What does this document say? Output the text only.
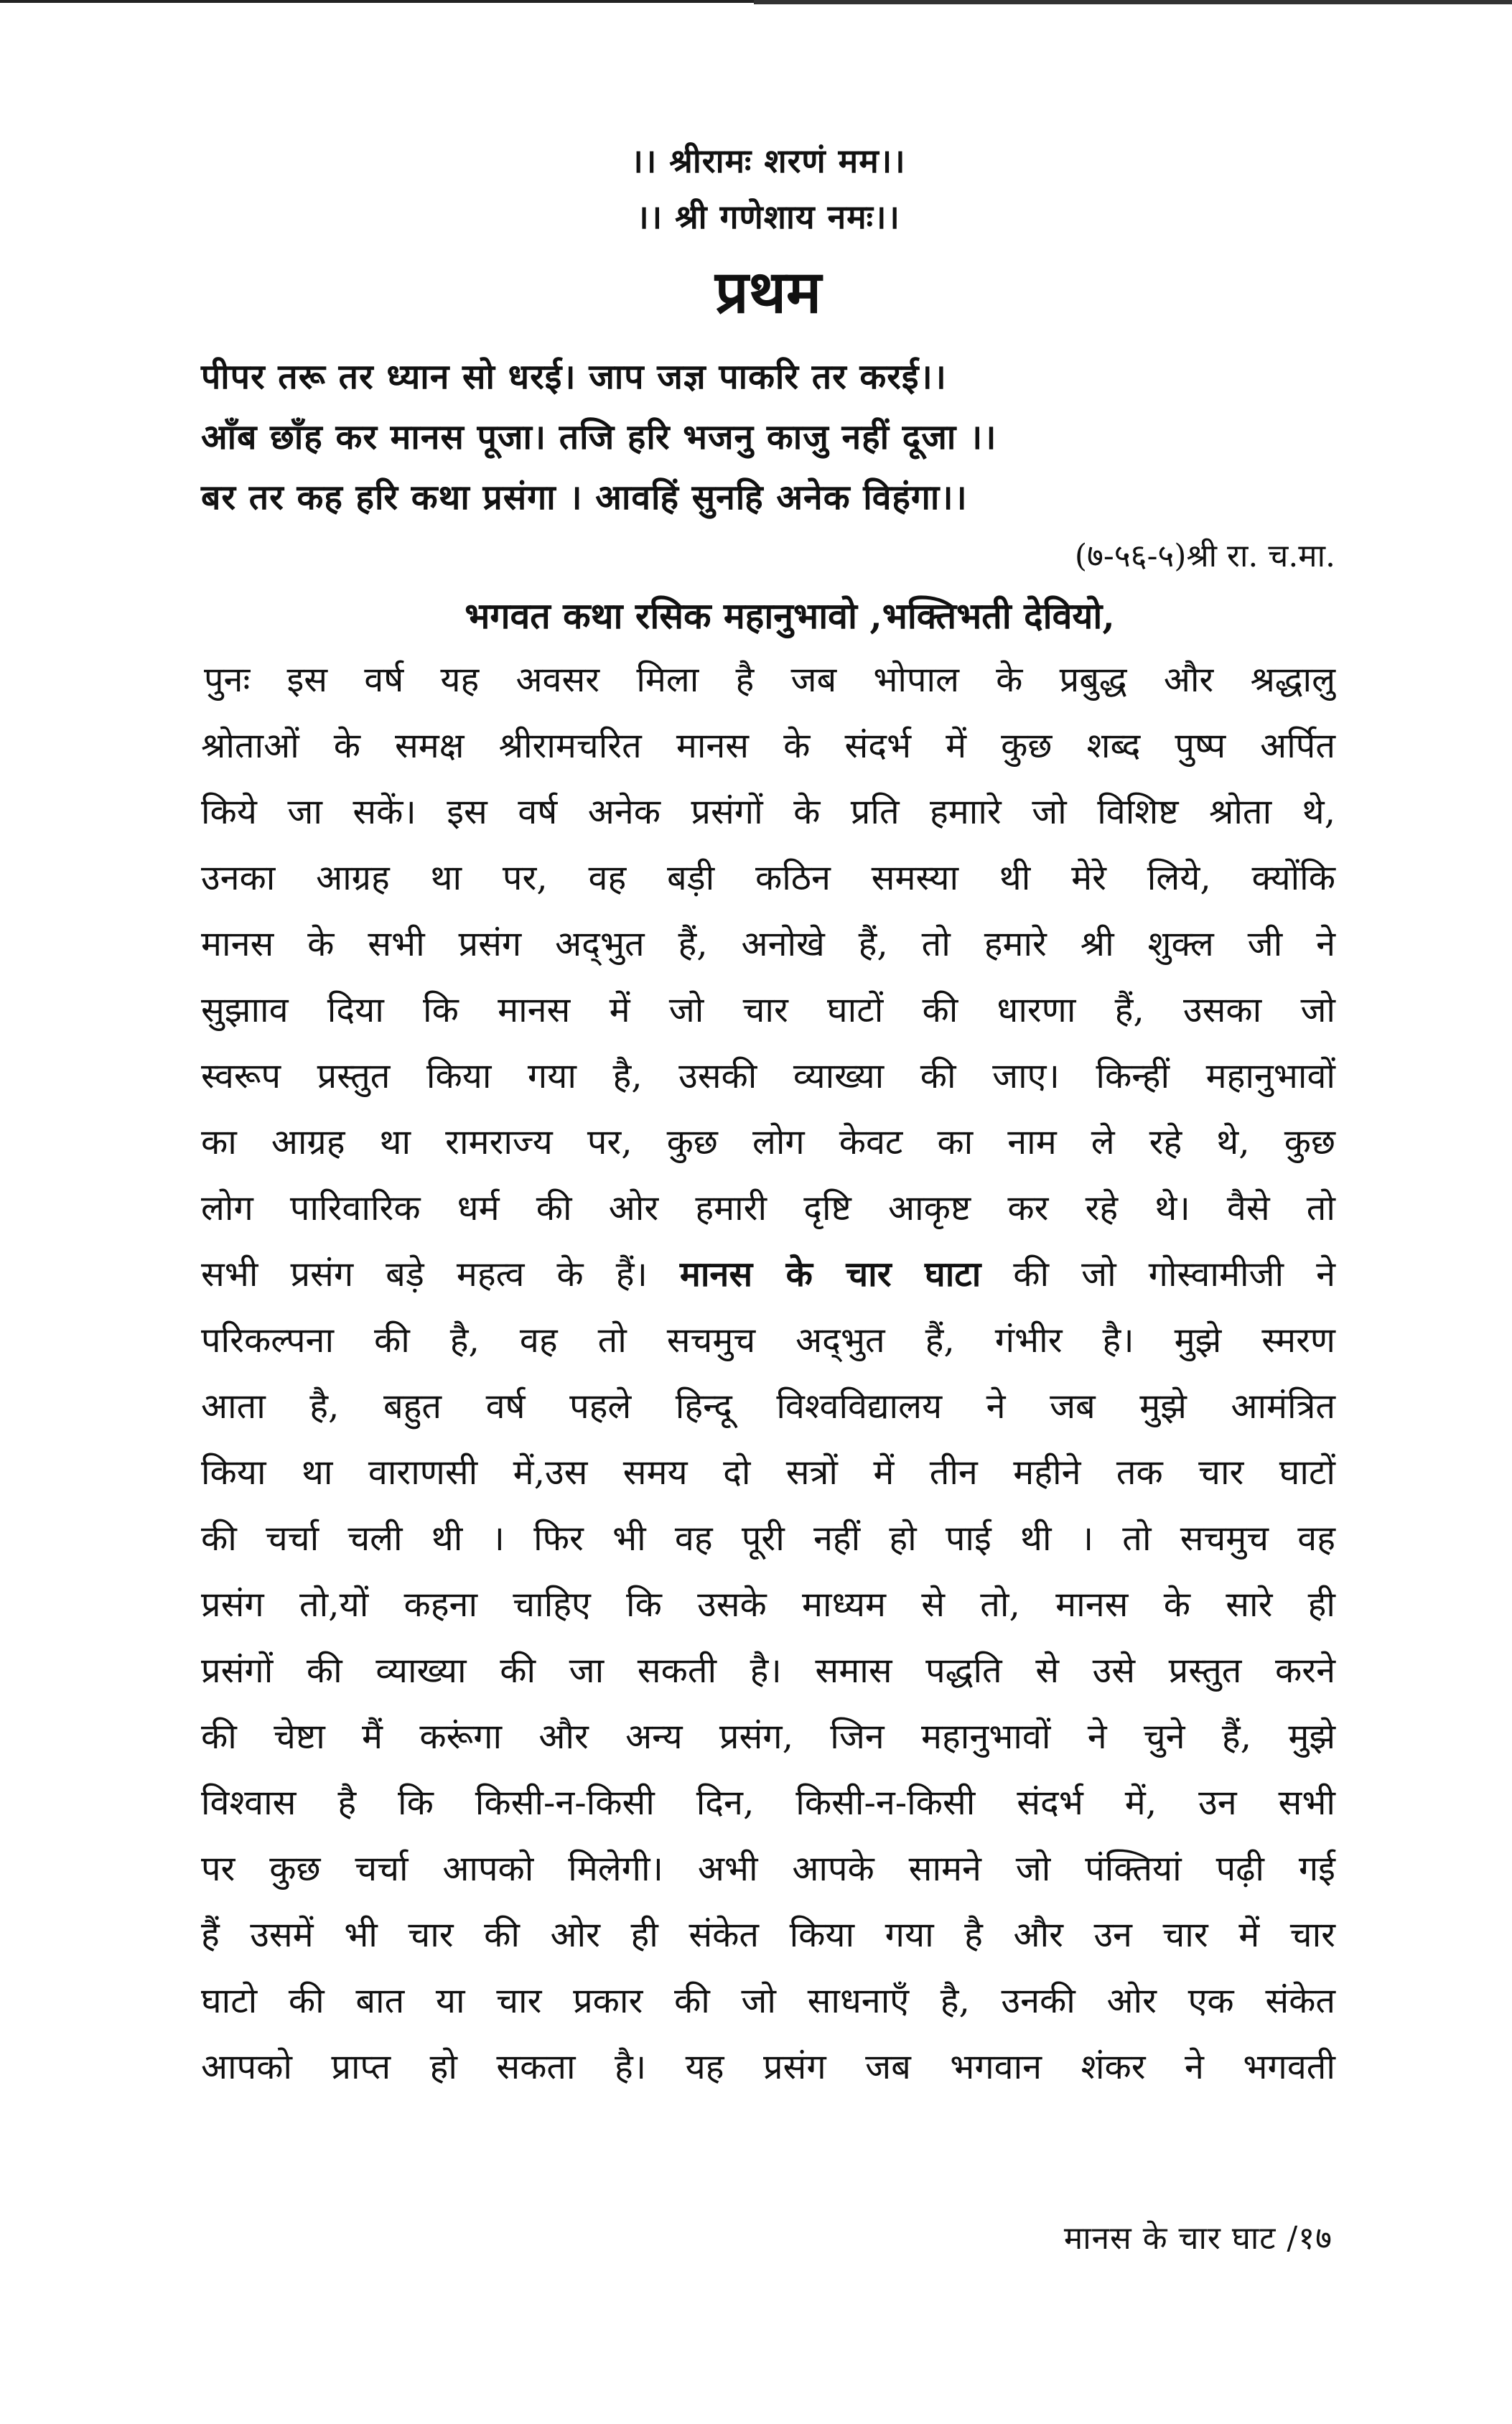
।। श्रीरामः शरणं मम।।
।। श्री गणेशाय नमः।।
प्रथम
पीपर तरू तर ध्यान सो धरई। जाप जज्ञ पाकरि तर करई।।
आँब छाँह कर मानस पूजा। तजि हरि भजनु काजु नहीं दूजा ।।
बर तर कह हरि कथा प्रसंगा । आवहिं सुनहि अनेक विहंगा।।
(७-५६-५)श्री रा. च.मा.
भगवत कथा रसिक महानुभावो ,भक्तिभती देवियो,
पुनः इस वर्ष यह अवसर मिला है जब भोपाल के प्रबुद्ध और श्रद्धालु
श्रोताओं के समक्ष श्रीरामचरित मानस के संदर्भ में कुछ शब्द पुष्प अर्पित
किये जा सकें। इस वर्ष अनेक प्रसंगों के प्रति हमाारे जो विशिष्ट श्रोता थे,
उनका आग्रह था पर, वह बड़ी कठिन समस्या थी मेरे लिये, क्योंकि
मानस के सभी प्रसंग अद्‌भुत हैं, अनोखे हैं, तो हमारे श्री शुक्ल जी ने
सुझााव दिया कि मानस में जो चार घाटों की धारणा हैं, उसका जो
स्वरूप प्रस्तुत किया गया है, उसकी व्याख्या की जाए। किन्हीं महानुभावों
का आग्रह था रामराज्य पर, कुछ लोग केवट का नाम ले रहे थे, कुछ
लोग पारिवारिक धर्म की ओर हमारी दृष्टि आकृष्ट कर रहे थे। वैसे तो
सभी प्रसंग बड़े महत्व के हैं। मानस के चार घाटा की जो गोस्वामीजी ने
परिकल्पना की है, वह तो सचमुच अद्‌भुत हैं, गंभीर है। मुझे स्मरण
आता है, बहुत वर्ष पहले हिन्दू विश्वविद्यालय ने जब मुझे आमंत्रित
किया था वाराणसी में,उस समय दो सत्रों में तीन महीने तक चार घाटों
की चर्चा चली थी । फिर भी वह पूरी नहीं हो पाई थी । तो सचमुच वह
प्रसंग तो,यों कहना चाहिए कि उसके माध्यम से तो, मानस के सारे ही
प्रसंगों की व्याख्या की जा सकती है। समास पद्धति से उसे प्रस्तुत करने
की चेष्टा मैं करूंगा और अन्य प्रसंग, जिन महानुभावों ने चुने हैं, मुझे
विश्वास है कि किसी-न-किसी दिन, किसी-न-किसी संदर्भ में, उन सभी
पर कुछ चर्चा आपको मिलेगी। अभी आपके सामने जो पंक्तियां पढ़ी गई
हैं उसमें भी चार की ओर ही संकेत किया गया है और उन चार में चार
घाटो की बात या चार प्रकार की जो साधनाएँ है, उनकी ओर एक संकेत
आपको प्राप्त हो सकता है। यह प्रसंग जब भगवान शंकर ने भगवती
मानस के चार घाट /१७
